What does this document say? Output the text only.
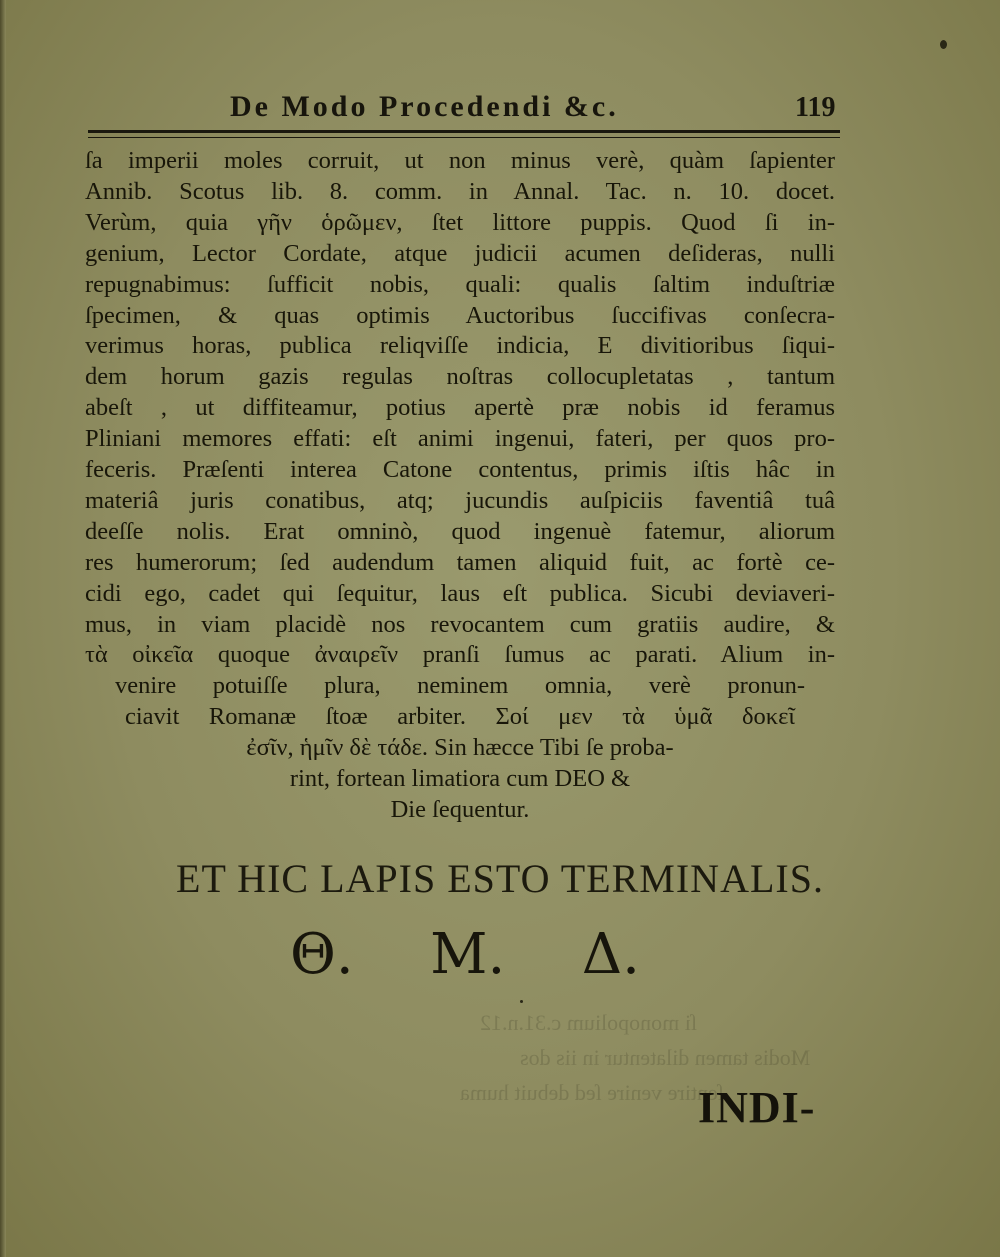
ſi monopolium c.31.n.12
Modis tamen dilatentur in iis dos
ſentire venire ſed debuit huma
De Modo Procedendi &c.	119
ſa imperii moles corruit, ut non minus verè, quàm ſapienter
Annib. Scotus lib. 8. comm. in Annal. Tac. n. 10. docet.
Verùm, quia γῆν ὁρῶμεν, ſtet littore puppis. Quod ſi in-
genium, Lector Cordate, atque judicii acumen deſideras, nulli
repugnabimus: ſufficit nobis, quali: qualis ſaltim induſtriæ
ſpecimen, & quas optimis Auctoribus ſuccifivas conſecra-
verimus horas, publica reliqviſſe indicia, E divitioribus ſiqui-
dem horum gazis regulas noſtras collocupletatas , tantum
abeſt , ut diffiteamur, potius apertè præ nobis id feramus
Pliniani memores effati: eſt animi ingenui, fateri, per quos pro-
feceris. Præſenti interea Catone contentus, primis iſtis hâc in
materiâ juris conatibus, atq; jucundis auſpiciis faventiâ tuâ
deeſſe nolis. Erat omninò, quod ingenuè fatemur, aliorum
res humerorum; ſed audendum tamen aliquid fuit, ac fortè ce-
cidi ego, cadet qui ſequitur, laus eſt publica. Sicubi deviaveri-
mus, in viam placidè nos revocantem cum gratiis audire, &
τὰ οἰκεῖα quoque ἀναιρεῖν pranſi ſumus ac parati. Alium in-
venire potuiſſe plura, neminem omnia, verè pronun-
ciavit Romanæ ſtoæ arbiter. Σοί μεν τὰ ὑμᾶ δοκεῖ
ἐσῖν, ἡμῖν δὲ τάδε. Sin hæcce Tibi ſe proba-
rint, fortean limatiora cum DEO &
Die ſequentur.
ET HIC LAPIS ESTO TERMINALIS.
Θ. M. Δ.
INDI-
